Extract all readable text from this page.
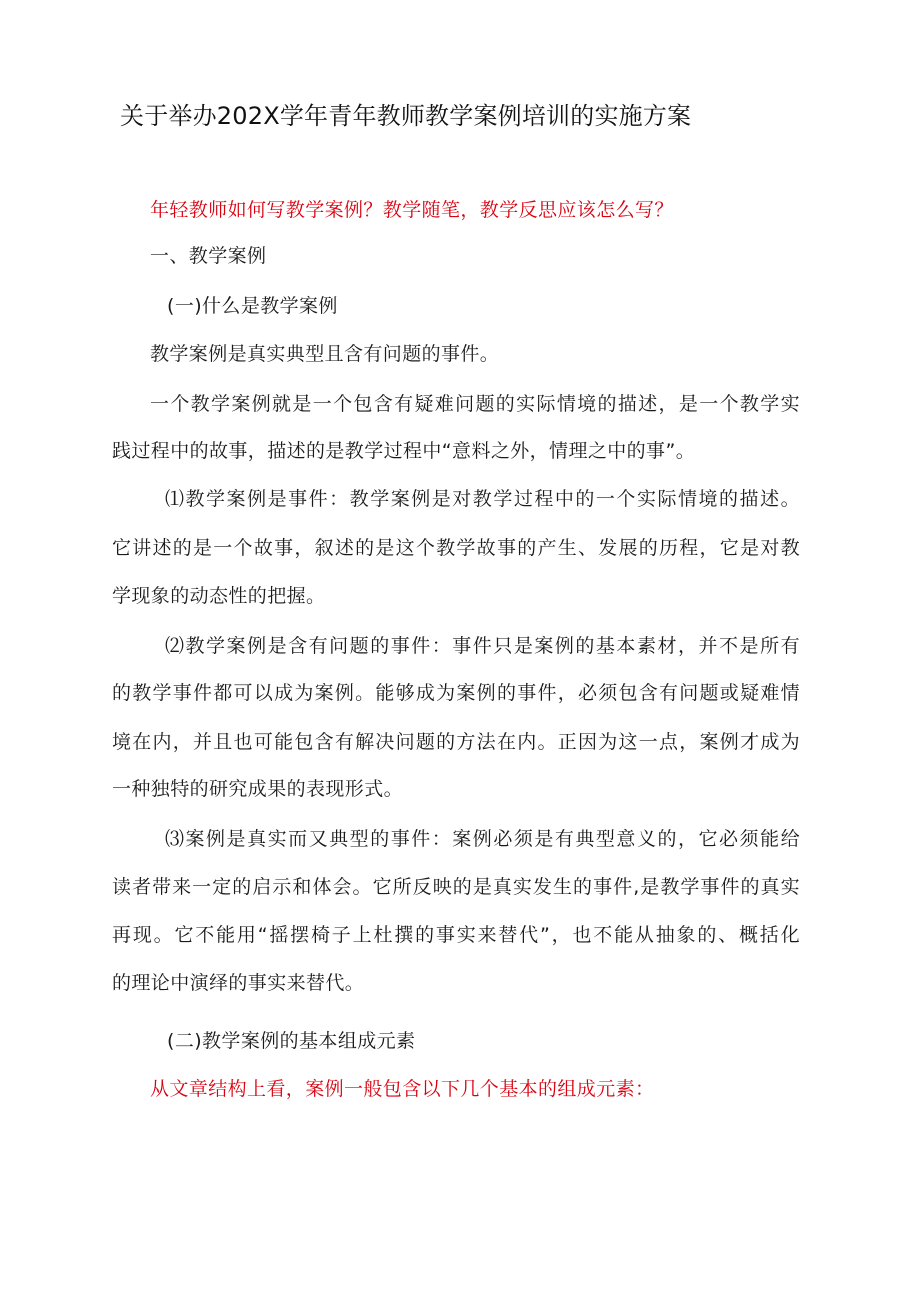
关于举办202X学年青年教师教学案例培训的实施方案
年轻教师如何写教学案例？教学随笔，教学反思应该怎么写？
一、教学案例
(一)什么是教学案例
教学案例是真实典型且含有问题的事件。
一个教学案例就是一个包含有疑难问题的实际情境的描述，是一个教学实
践过程中的故事，描述的是教学过程中“意料之外，情理之中的事”。
⑴教学案例是事件：教学案例是对教学过程中的一个实际情境的描述。
它讲述的是一个故事，叙述的是这个教学故事的产生、发展的历程，它是对教
学现象的动态性的把握。
⑵教学案例是含有问题的事件：事件只是案例的基本素材，并不是所有
的教学事件都可以成为案例。能够成为案例的事件，必须包含有问题或疑难情
境在内，并且也可能包含有解决问题的方法在内。正因为这一点，案例才成为
一种独特的研究成果的表现形式。
⑶案例是真实而又典型的事件：案例必须是有典型意义的，它必须能给
读者带来一定的启示和体会。它所反映的是真实发生的事件,是教学事件的真实
再现。它不能用“摇摆椅子上杜撰的事实来替代”，也不能从抽象的、概括化
的理论中演绎的事实来替代。
(二)教学案例的基本组成元素
从文章结构上看，案例一般包含以下几个基本的组成元素：
